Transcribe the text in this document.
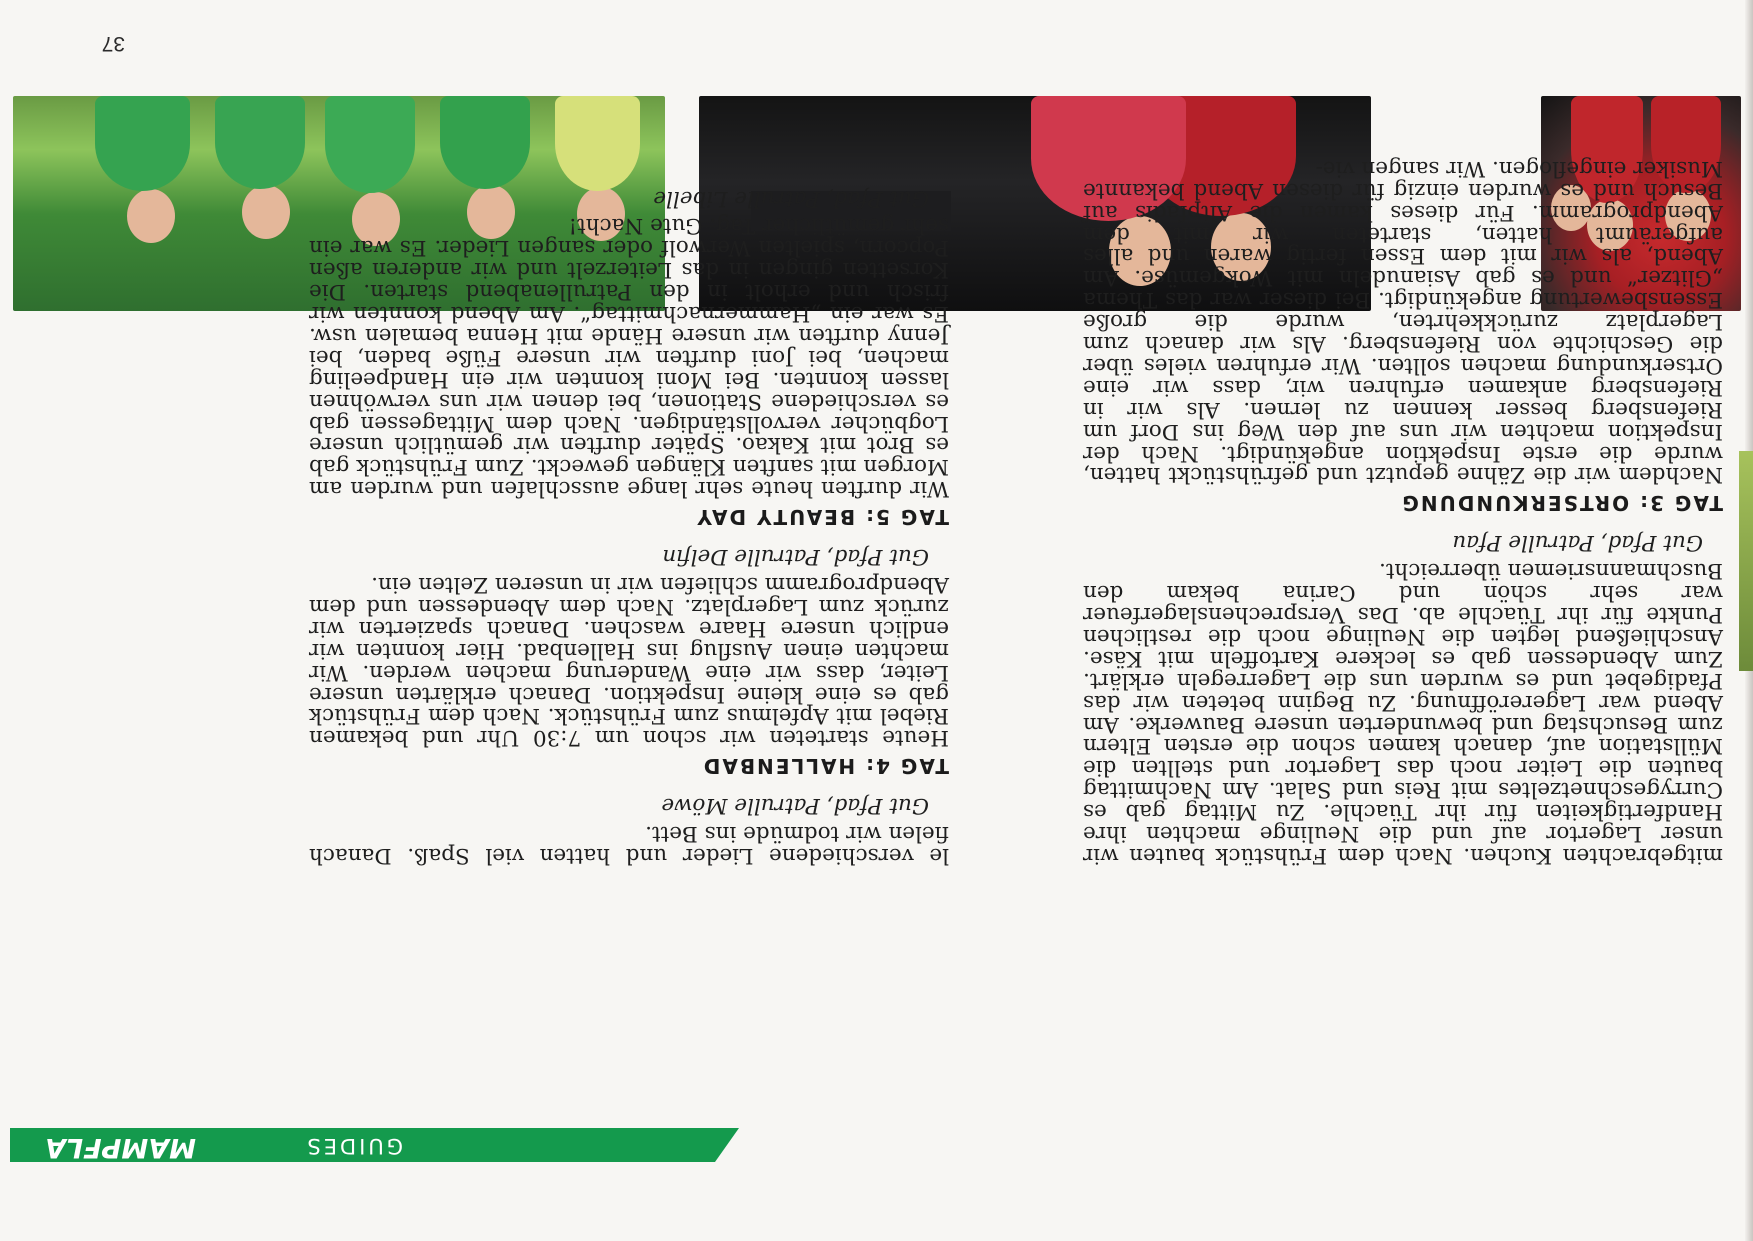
mitgebrachten Kuchen. Nach dem Frühstück bauten wir unser Lagertor auf und die Neulinge machten ihre Handfertigkeiten für ihr Tüachle. Zu Mittag gab es Currygeschnetzeltes mit Reis und Salat. Am Nachmittag bauten die Leiter noch das Lagertor und stellten die Müllstation auf, danach kamen schon die ersten Eltern zum Besuchstag und bewunderten unsere Bauwerke. Am Abend war Lagereröffnung. Zu Beginn beteten wir das Pfadigebet und es wurden uns die Lagerregeln erklärt. Zum Abendessen gab es leckere Kartoffeln mit Käse. Anschließend legten die Neulinge noch die restlichen Punkte für ihr Tüachle ab. Das Versprechenslagerfeuer war sehr schön und Carina bekam den Buschmannsriemen überreicht.

Gut Pfad, Patrulle Pfau
TAG 3: ORTSERKUNDUNG

Nachdem wir die Zähne geputzt und gefrühstückt hatten, wurde die erste Inspektion angekündigt. Nach der Inspektion machten wir uns auf den Weg ins Dorf um Riefensberg besser kennen zu lernen. Als wir in Riefensberg ankamen erfuhren wir, dass wir eine Ortserkundung machen sollten. Wir erfuhren vieles über die Geschichte von Riefensberg. Als wir danach zum Lagerplatz zurückkehrten, wurde die große Essensbewertung angekündigt. Bei dieser war das Thema „Glitzer“ und es gab Asianudeln mit Wokgemüse. Am Abend, als wir mit dem Essen fertig waren und alles aufgeräumt hatten, starteten wir mit dem Abendprogramm. Für dieses kamen die Altpfadis auf Besuch und es wurden einzig für diesen Abend bekannte Musiker eingeflogen. Wir sangen vie-

le verschiedene Lieder und hatten viel Spaß. Danach fielen wir todmüde ins Bett.

Gut Pfad, Patrulle Möwe
TAG 4: HALLENBAD

Heute starteten wir schon um 7:30 Uhr und bekamen Riebel mit Apfelmus zum Frühstück. Nach dem Frühstück gab es eine kleine Inspektion. Danach erklärten unsere Leiter, dass wir eine Wanderung machen werden. Wir machten einen Ausflug ins Hallenbad. Hier konnten wir endlich unsere Haare waschen. Danach spazierten wir zurück zum Lagerplatz. Nach dem Abendessen und dem Abendprogramm schliefen wir in unseren Zelten ein.

Gut Pfad, Patrulle Delfin
TAG 5: BEAUTY DAY

Wir durften heute sehr lange ausschlafen und wurden am Morgen mit sanften Klängen geweckt. Zum Frühstück gab es Brot mit Kakao. Später durften wir gemütlich unsere Logbücher vervollständigen. Nach dem Mittagessen gab es verschiedene Stationen, bei denen wir uns verwöhnen lassen konnten. Bei Moni konnten wir ein Handpeeling machen, bei Joni durften wir unsere Füße baden, bei Jenny durften wir unsere Hände mit Henna bemalen usw. Es war ein „Hammernachmittag“. Am Abend konnten wir frisch und erholt in den Patrullenabend starten. Die Korsetten gingen in das Leiterzelt und wir anderen aßen Popcorn, spielten Werwolf oder sangen Lieder. Es war ein sehr gemütlicher Tag. Gute Nacht!

Gut Pfad, Patrulle Libelle
GUIDES
MAMPFLA
37
